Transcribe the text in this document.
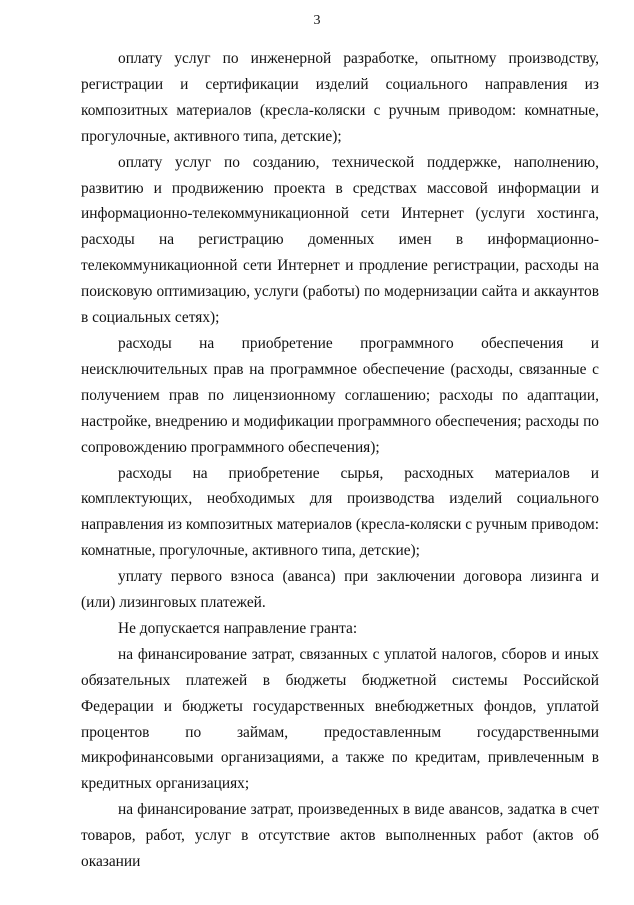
3

оплату услуг по инженерной разработке, опытному производству, регистрации и сертификации изделий социального направления из композитных материалов (кресла-коляски с ручным приводом: комнатные, прогулочные, активного типа, детские);

оплату услуг по созданию, технической поддержке, наполнению, развитию и продвижению проекта в средствах массовой информации и информационно-телекоммуникационной сети Интернет (услуги хостинга, расходы на регистрацию доменных имен в информационно-телекоммуникационной сети Интернет и продление регистрации, расходы на поисковую оптимизацию, услуги (работы) по модернизации сайта и аккаунтов в социальных сетях);

расходы на приобретение программного обеспечения и неисключительных прав на программное обеспечение (расходы, связанные с получением прав по лицензионному соглашению; расходы по адаптации, настройке, внедрению и модификации программного обеспечения; расходы по сопровождению программного обеспечения);

расходы на приобретение сырья, расходных материалов и комплектующих, необходимых для производства изделий социального направления из композитных материалов (кресла-коляски с ручным приводом: комнатные, прогулочные, активного типа, детские);

уплату первого взноса (аванса) при заключении договора лизинга и (или) лизинговых платежей.

Не допускается направление гранта:

на финансирование затрат, связанных с уплатой налогов, сборов и иных обязательных платежей в бюджеты бюджетной системы Российской Федерации и бюджеты государственных внебюджетных фондов, уплатой процентов по займам, предоставленным государственными микрофинансовыми организациями, а также по кредитам, привлеченным в кредитных организациях;

на финансирование затрат, произведенных в виде авансов, задатка в счет товаров, работ, услуг в отсутствие актов выполненных работ (актов об оказании
